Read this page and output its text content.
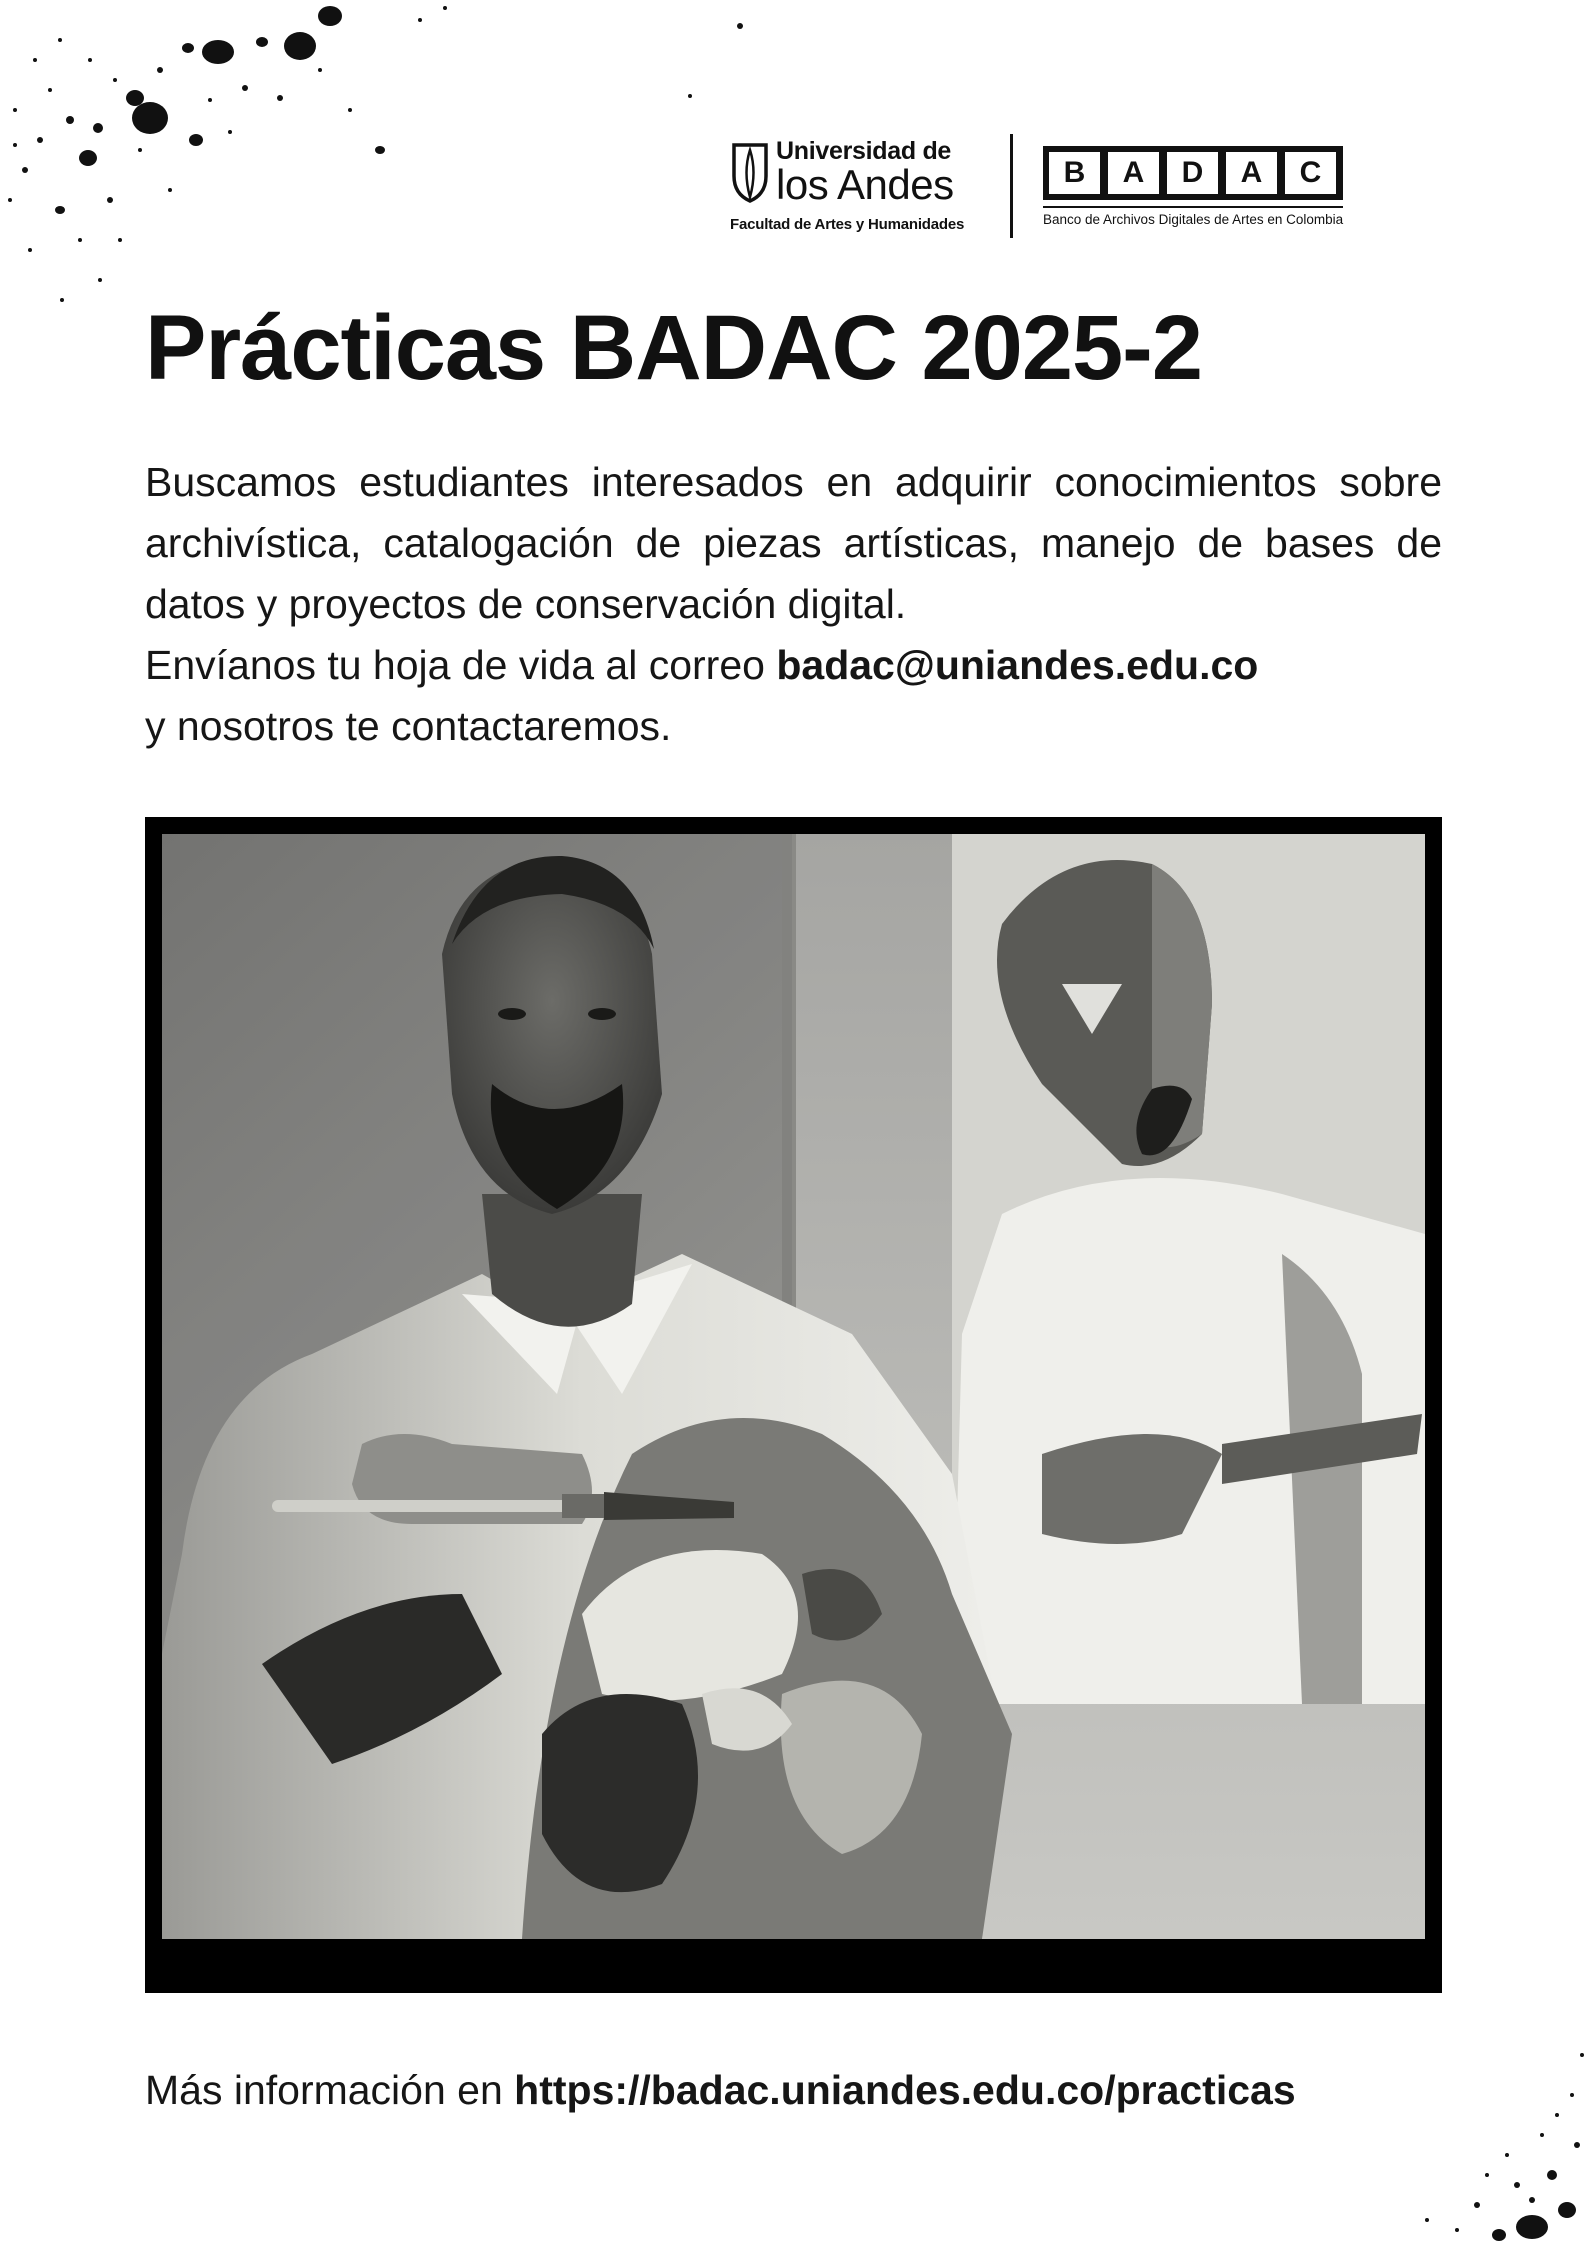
Universidad de
los Andes
Facultad de Artes y Humanidades
B	A	D	A	C
Banco de Archivos Digitales de Artes en Colombia
Prácticas BADAC 2025-2

Buscamos estudiantes interesados en adquirir conocimientos sobre archivística, catalogación de piezas artísticas, manejo de bases de datos y proyectos de conservación digital.

Envíanos tu hoja de vida al correo badac@uniandes.edu.co
y nosotros te contactaremos.
Más información en https://badac.uniandes.edu.co/practicas
